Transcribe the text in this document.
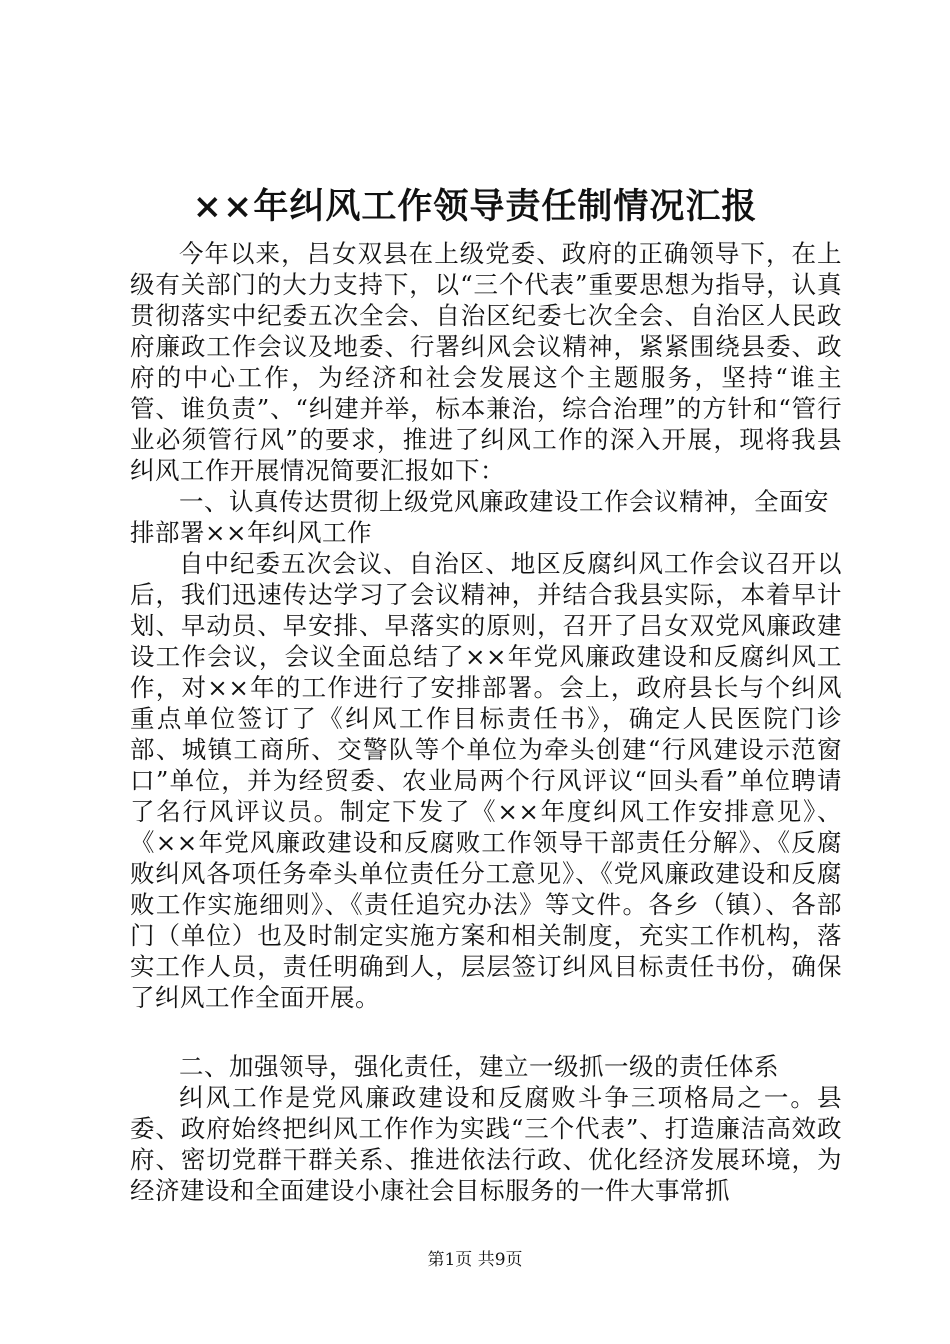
××年纠风工作领导责任制情况汇报

今年以来，吕女双县在上级党委、政府的正确领导下，在上级有关部门的大力支持下，以“三个代表”重要思想为指导，认真贯彻落实中纪委五次全会、自治区纪委七次全会、自治区人民政府廉政工作会议及地委、行署纠风会议精神，紧紧围绕县委、政府的中心工作，为经济和社会发展这个主题服务，坚持“谁主管、谁负责”、“纠建并举，标本兼治，综合治理”的方针和“管行业必须管行风”的要求，推进了纠风工作的深入开展，现将我县纠风工作开展情况简要汇报如下：

一、认真传达贯彻上级党风廉政建设工作会议精神，全面安排部署××年纠风工作

自中纪委五次会议、自治区、地区反腐纠风工作会议召开以后，我们迅速传达学习了会议精神，并结合我县实际，本着早计划、早动员、早安排、早落实的原则，召开了吕女双党风廉政建设工作会议，会议全面总结了××年党风廉政建设和反腐纠风工作，对××年的工作进行了安排部署。会上，政府县长与个纠风重点单位签订了《纠风工作目标责任书》，确定人民医院门诊部、城镇工商所、交警队等个单位为牵头创建“行风建设示范窗口”单位，并为经贸委、农业局两个行风评议“回头看”单位聘请了名行风评议员。制定下发了《××年度纠风工作安排意见》、《××年党风廉政建设和反腐败工作领导干部责任分解》、《反腐败纠风各项任务牵头单位责任分工意见》、《党风廉政建设和反腐败工作实施细则》、《责任追究办法》等文件。各乡（镇）、各部门（单位）也及时制定实施方案和相关制度，充实工作机构，落实工作人员，责任明确到人，层层签订纠风目标责任书份，确保了纠风工作全面开展。

二、加强领导，强化责任，建立一级抓一级的责任体系

纠风工作是党风廉政建设和反腐败斗争三项格局之一。县委、政府始终把纠风工作作为实践“三个代表”、打造廉洁高效政府、密切党群干群关系、推进依法行政、优化经济发展环境，为经济建设和全面建设小康社会目标服务的一件大事常抓

第1页 共9页
